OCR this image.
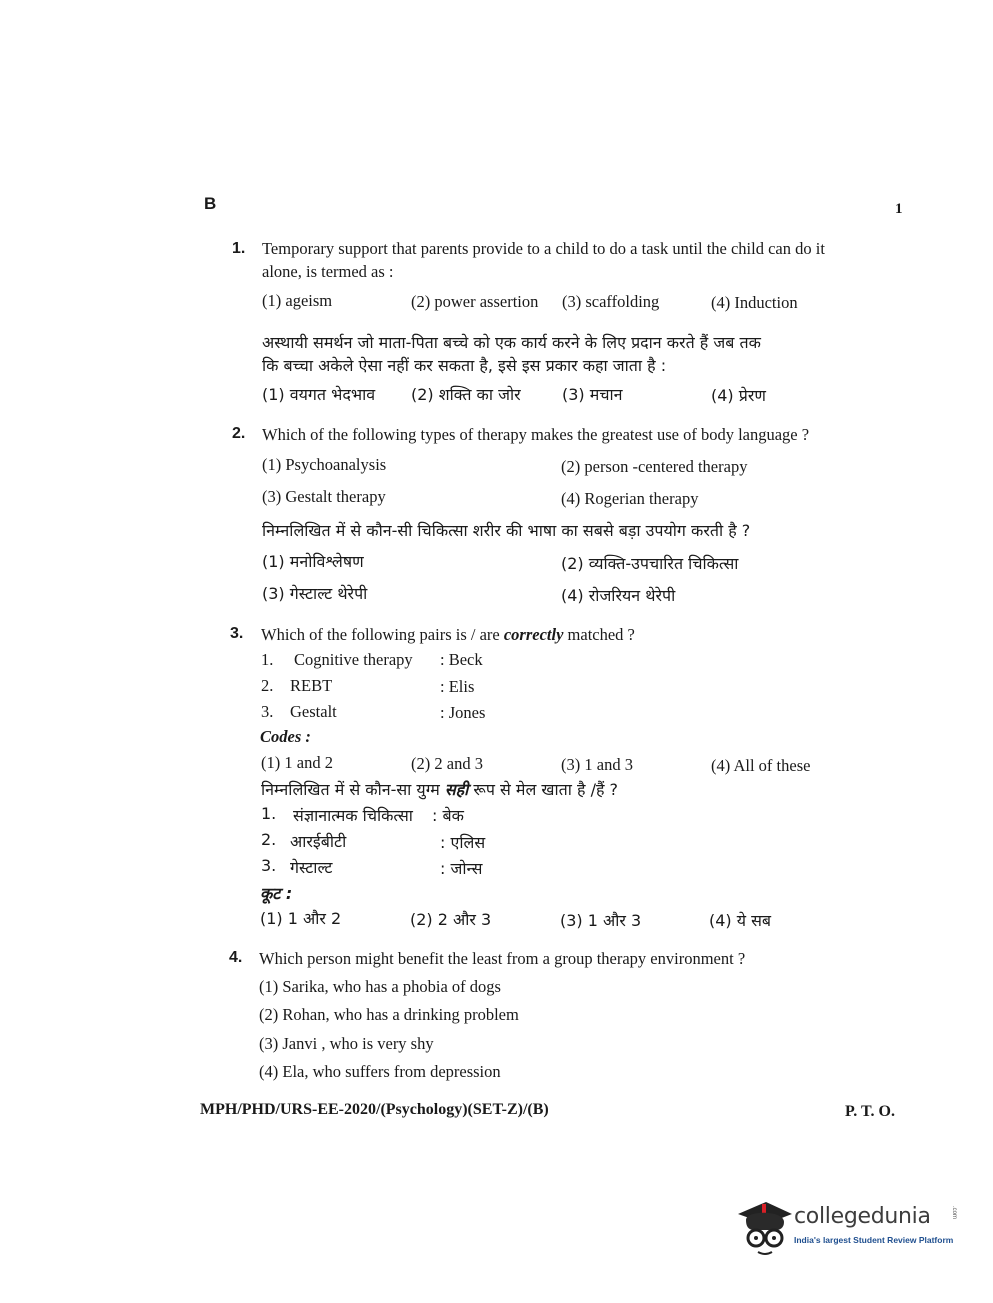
B	1
1. Temporary support that parents provide to a child to do a task until the child can do it
alone, is termed as :
(1) ageism	(2) power assertion (3) scaffolding	(4) Induction
अस्थायी समर्थन जो माता-पिता बच्चे को एक कार्य करने के लिए प्रदान करते हैं जब तक
कि बच्चा अकेले ऐसा नहीं कर सकता है, इसे इस प्रकार कहा जाता है :
(1) वयगत भेदभाव (2) शक्ति का जोर	(3) मचान	(4) प्रेरण
2. Which of the following types of therapy makes the greatest use of body language ?
(1) Psychoanalysis	(2) person -centered therapy
(3) Gestalt therapy	(4) Rogerian therapy
निम्नलिखित में से कौन-सी चिकित्सा शरीर की भाषा का सबसे बड़ा उपयोग करती है ?
(1) मनोविश्लेषण	(2) व्यक्ति-उपचारित चिकित्सा
(3) गेस्टाल्ट थेरेपी	(4) रोजरियन थेरेपी
3. Which of the following pairs is / are correctly matched ?
1. Cognitive therapy : Beck
2. REBT	: Elis
3. Gestalt	: Jones
Codes :
(1) 1 and 2	(2) 2 and 3	(3) 1 and 3	(4) All of these
निम्नलिखित में से कौन-सा युग्म सही रूप से मेल खाता है /हैं ?
1. संज्ञानात्मक चिकित्सा : बेक
2. आरईबीटी	: एलिस
3. गेस्टाल्ट	: जोन्स
कूट :
(1) 1 और 2	(2) 2 और 3	(3) 1 और 3	(4) ये सब
4. Which person might benefit the least from a group therapy environment ?
(1) Sarika, who has a phobia of dogs
(2) Rohan, who has a drinking problem
(3) Janvi , who is very shy
(4) Ela, who suffers from depression
MPH/PHD/URS-EE-2020/(Psychology)(SET-Z)/(B)	P. T. O.
collegedunia	.com
India's largest Student Review Platform
